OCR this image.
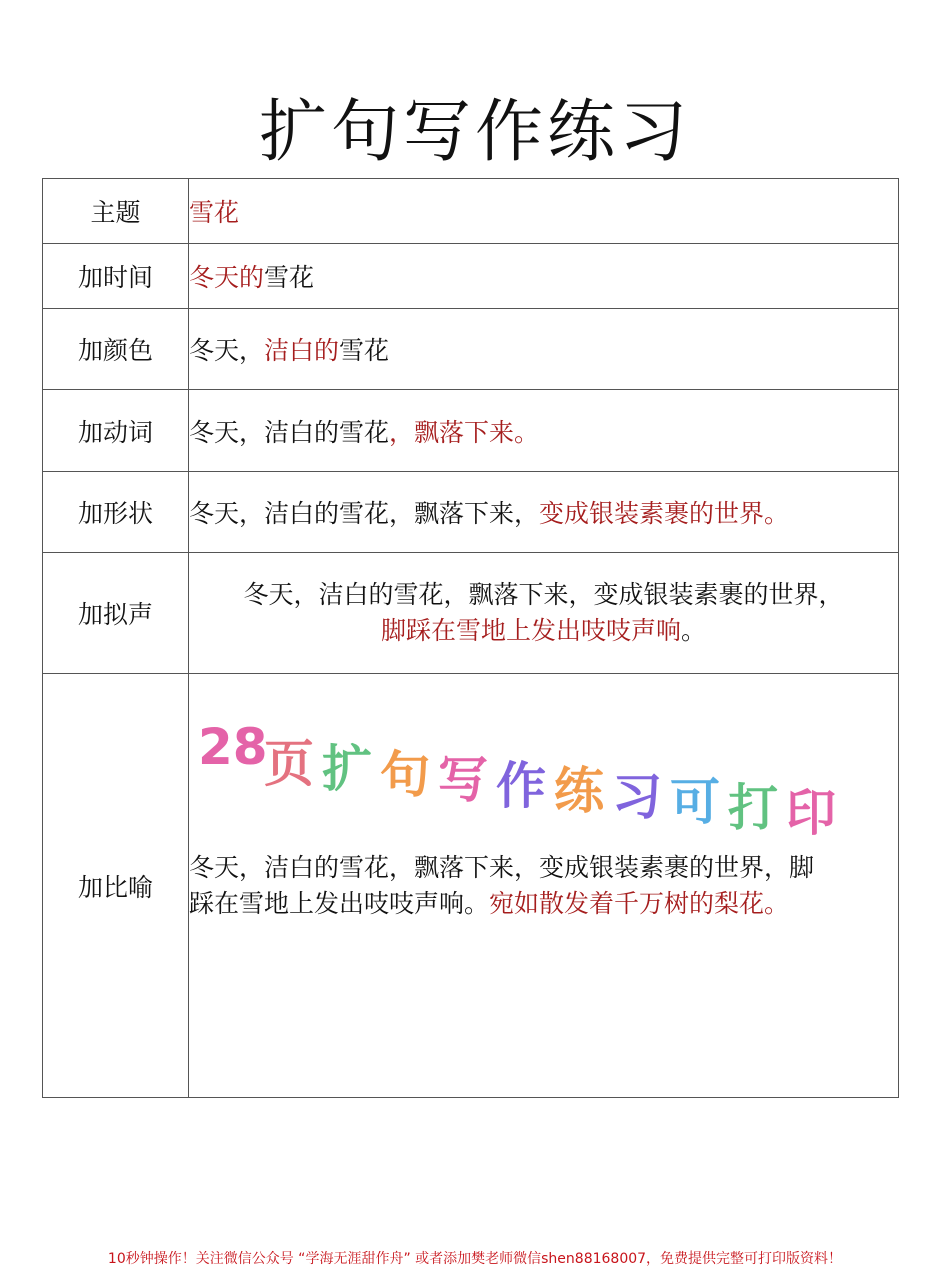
扩句写作练习
主题	雪花
加时间	冬天的雪花
加颜色	冬天，洁白的雪花
加动词	冬天，洁白的雪花，飘落下来。
加形状	冬天，洁白的雪花，飘落下来，变成银装素裹的世界。
加拟声	冬天，洁白的雪花，飘落下来，变成银装素裹的世界，
脚踩在雪地上发出吱吱声响。

加比喻	冬天，洁白的雪花，飘落下来，变成银装素裹的世界，脚
踩在雪地上发出吱吱声响。宛如散发着千万树的梨花。
28
页 扩 句 写 作 练 习 可 打 印
10秒钟操作！关注微信公众号 “学海无涯甜作舟” 或者添加樊老师微信shen88168007，免费提供完整可打印版资料！
